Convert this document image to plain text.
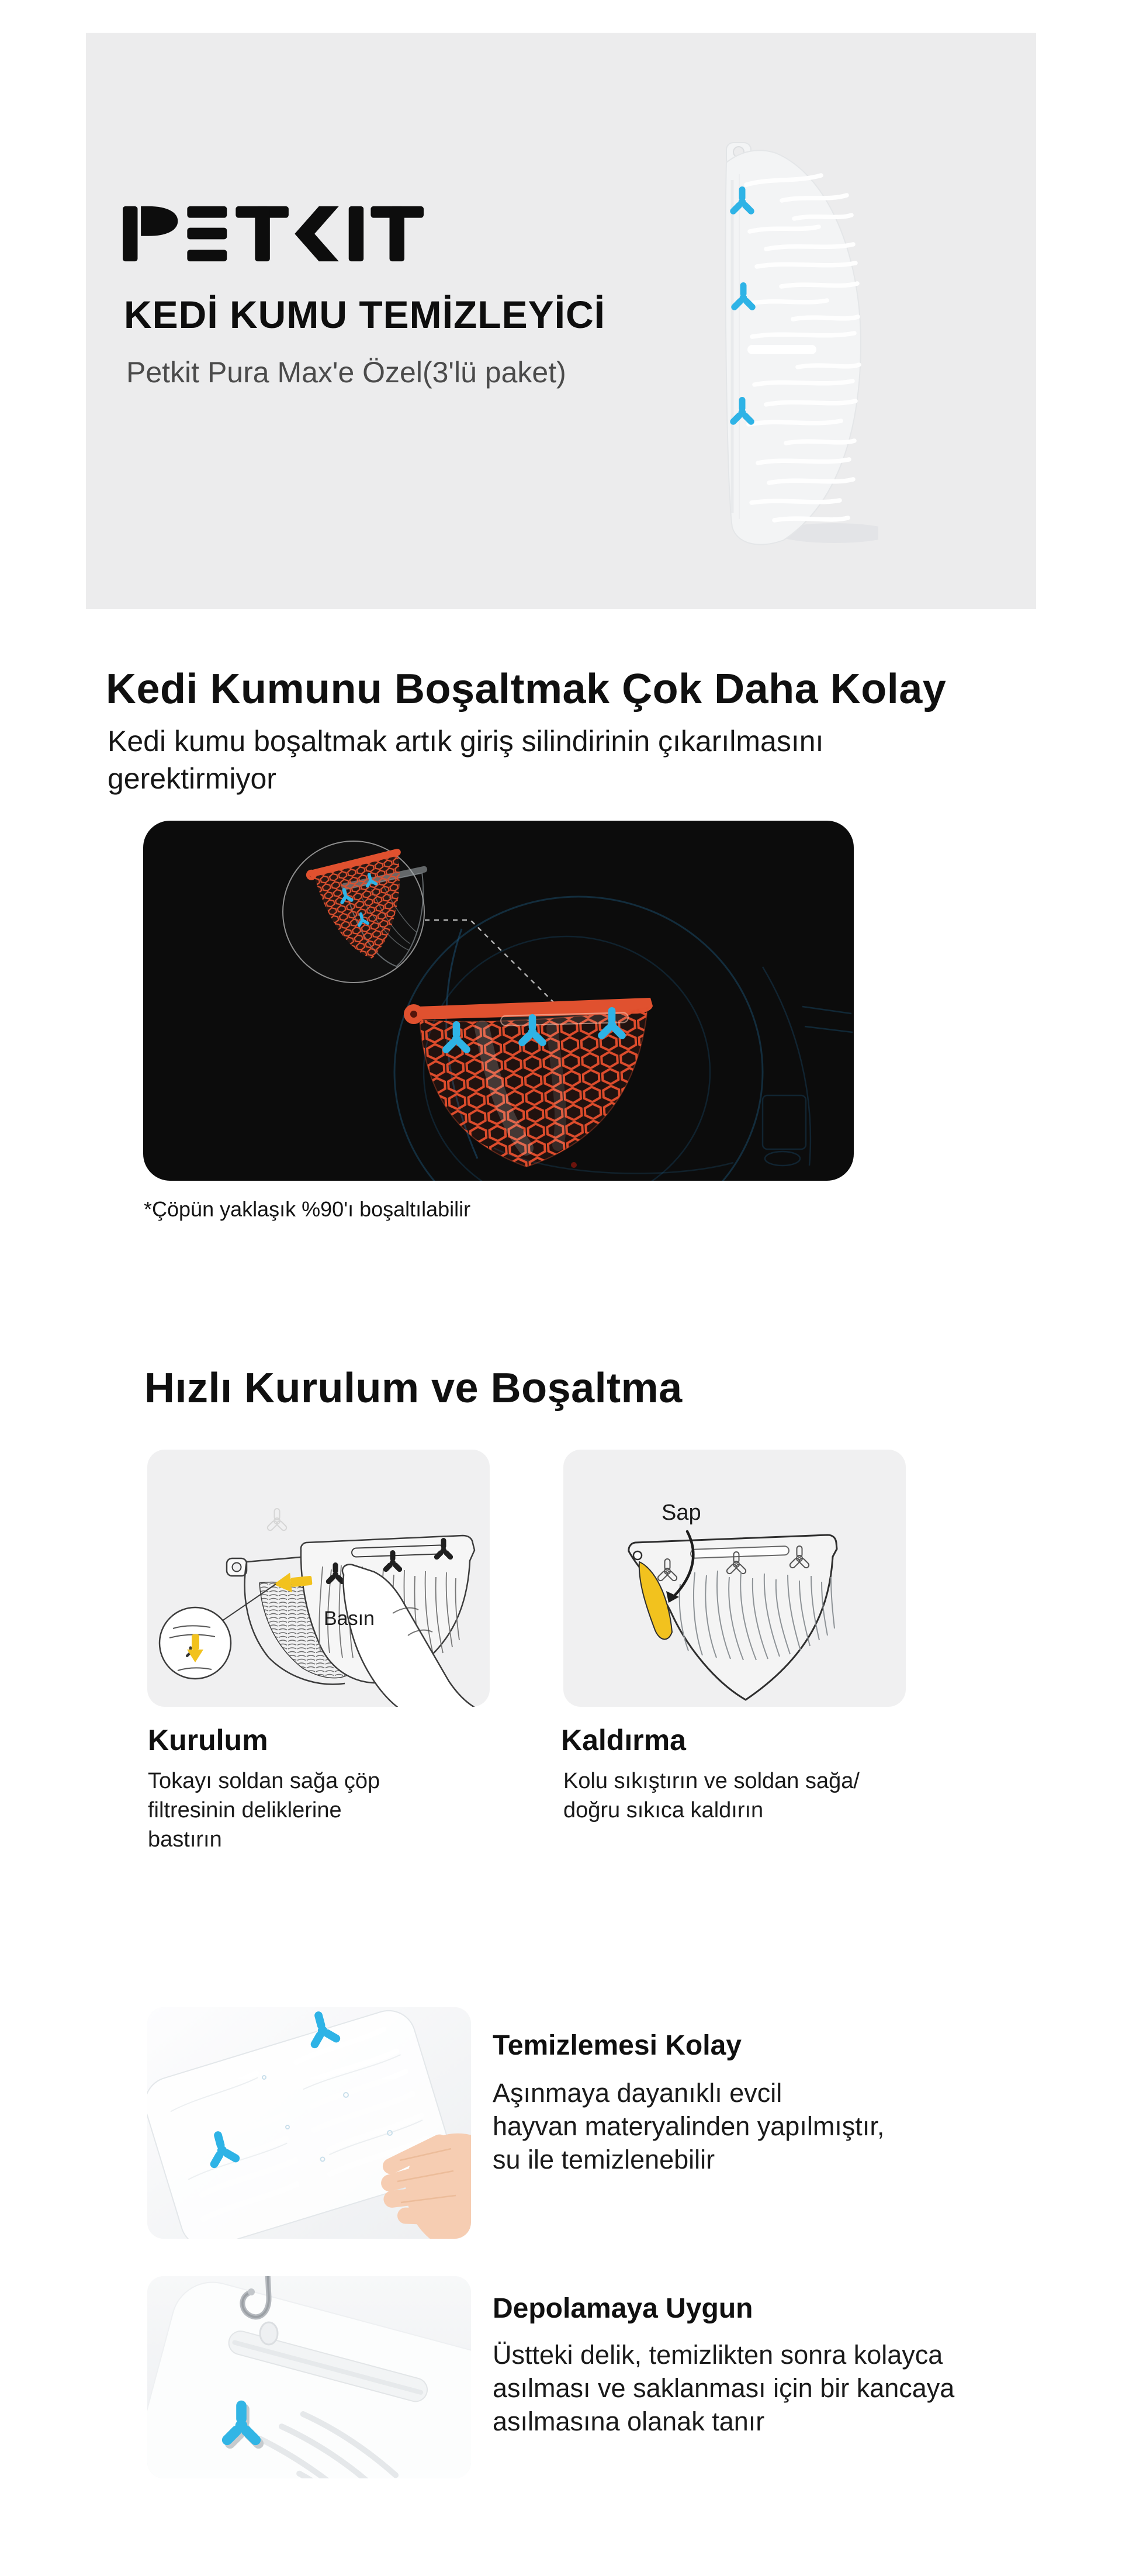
KEDİ KUMU TEMİZLEYİCİ
Petkit Pura Max'e Özel(3'lü paket)
Kedi Kumunu Boşaltmak Çok Daha Kolay
Kedi kumu boşaltmak artık giriş silindirinin çıkarılmasını
gerektirmiyor
*Çöpün yaklaşık %90'ı boşaltılabilir
Hızlı Kurulum ve Boşaltma
Basın
Sap
Kurulum
Tokayı soldan sağa çöp
filtresinin deliklerine
bastırın
Kaldırma
Kolu sıkıştırın ve soldan sağa/
doğru sıkıca kaldırın
Temizlemesi Kolay
Aşınmaya dayanıklı evcil
hayvan materyalinden yapılmıştır,
su ile temizlenebilir
Depolamaya Uygun
Üstteki delik, temizlikten sonra kolayca
asılması ve saklanması için bir kancaya
asılmasına olanak tanır
